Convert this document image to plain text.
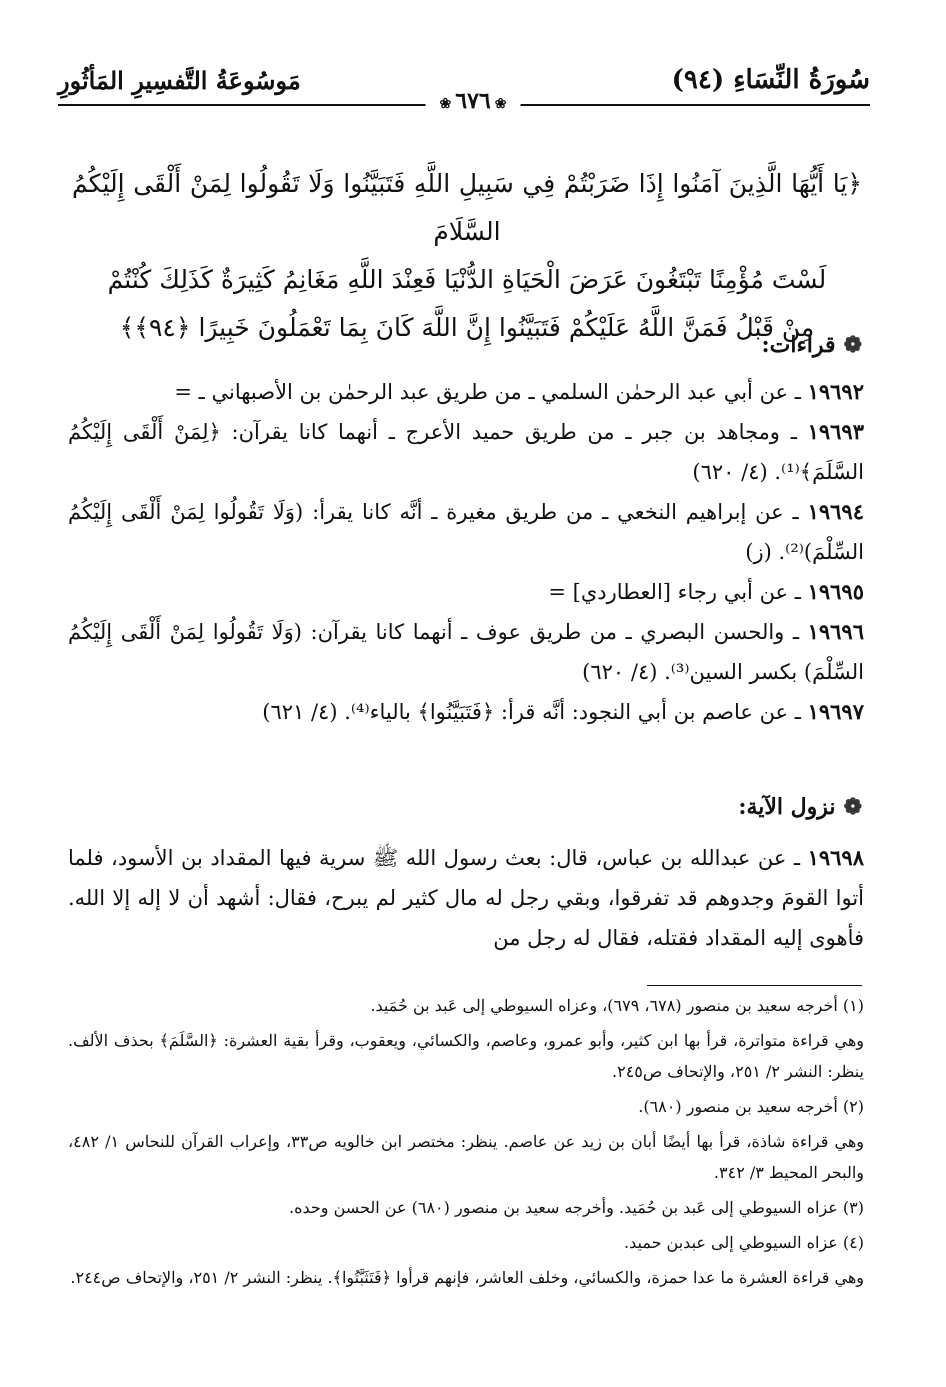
سُورَةُ النِّسَاءِ (٩٤)
مَوسُوعَةُ التَّفسِيرِ المَأثُورِ
❀٦٧٦❀
﴿يَا أَيُّهَا الَّذِينَ آمَنُوا إِذَا ضَرَبْتُمْ فِي سَبِيلِ اللَّهِ فَتَبَيَّنُوا وَلَا تَقُولُوا لِمَنْ أَلْقَى إِلَيْكُمُ السَّلَامَ
لَسْتَ مُؤْمِنًا تَبْتَغُونَ عَرَضَ الْحَيَاةِ الدُّنْيَا فَعِنْدَ اللَّهِ مَغَانِمُ كَثِيرَةٌ كَذَلِكَ كُنْتُمْ
مِنْ قَبْلُ فَمَنَّ اللَّهُ عَلَيْكُمْ فَتَبَيَّنُوا إِنَّ اللَّهَ كَانَ بِمَا تَعْمَلُونَ خَبِيرًا ﴿٩٤﴾﴾
❁قراءات:

١٩٦٩٢ ـ عن أبي عبد الرحمٰن السلمي ـ من طريق عبد الرحمٰن بن الأصبهاني ـ =

١٩٦٩٣ ـ ومجاهد بن جبر ـ من طريق حميد الأعرج ـ أنهما كانا يقرآن: ﴿لِمَنْ أَلْقَى إِلَيْكُمُ السَّلَمَ﴾⁽¹⁾. (٤/ ٦٢٠)

١٩٦٩٤ ـ عن إبراهيم النخعي ـ من طريق مغيرة ـ أنَّه كانا يقرأ: (وَلَا تَقُولُوا لِمَنْ أَلْقَى إِلَيْكُمُ السِّلْمَ)⁽²⁾. (ز)

١٩٦٩٥ ـ عن أبي رجاء [العطاردي] =

١٩٦٩٦ ـ والحسن البصري ـ من طريق عوف ـ أنهما كانا يقرآن: (وَلَا تَقُولُوا لِمَنْ أَلْقَى إِلَيْكُمُ السِّلْمَ) بكسر السين⁽³⁾. (٤/ ٦٢٠)

١٩٦٩٧ ـ عن عاصم بن أبي النجود: أنَّه قرأ: ﴿فَتَبَيَّنُوا﴾ بالياء⁽⁴⁾. (٤/ ٦٢١)

❁نزول الآية:

١٩٦٩٨ ـ عن عبدالله بن عباس، قال: بعث رسول الله ﷺ سرية فيها المقداد بن الأسود، فلما أتوا القومَ وجدوهم قد تفرقوا، وبقي رجل له مال كثير لم يبرح، فقال: أشهد أن لا إله إلا الله. فأهوى إليه المقداد فقتله، فقال له رجل من

(١) أخرجه سعيد بن منصور (٦٧٨، ٦٧٩)، وعزاه السيوطي إلى عَبد بن حُمَيد.

وهي قراءة متواترة، قرأ بها ابن كثير، وأبو عمرو، وعاصم، والكسائي، ويعقوب، وقرأ بقية العشرة: ﴿السَّلَمَ﴾ بحذف الألف. ينظر: النشر ٢/ ٢٥١، والإتحاف ص٢٤٥.

(٢) أخرجه سعيد بن منصور (٦٨٠).

وهي قراءة شاذة، قرأ بها أيضًا أبان بن زيد عن عاصم. ينظر: مختصر ابن خالويه ص٣٣، وإعراب القرآن للنحاس ١/ ٤٨٢، والبحر المحيط ٣/ ٣٤٢.

(٣) عزاه السيوطي إلى عَبد بن حُمَيد. وأخرجه سعيد بن منصور (٦٨٠) عن الحسن وحده.

(٤) عزاه السيوطي إلى عبدبن حميد.

وهي قراءة العشرة ما عدا حمزة، والكسائي، وخلف العاشر، فإنهم قرأوا ﴿فَتَثَبَّتُوا﴾. ينظر: النشر ٢/ ٢٥١، والإتحاف ص٢٤٤.
